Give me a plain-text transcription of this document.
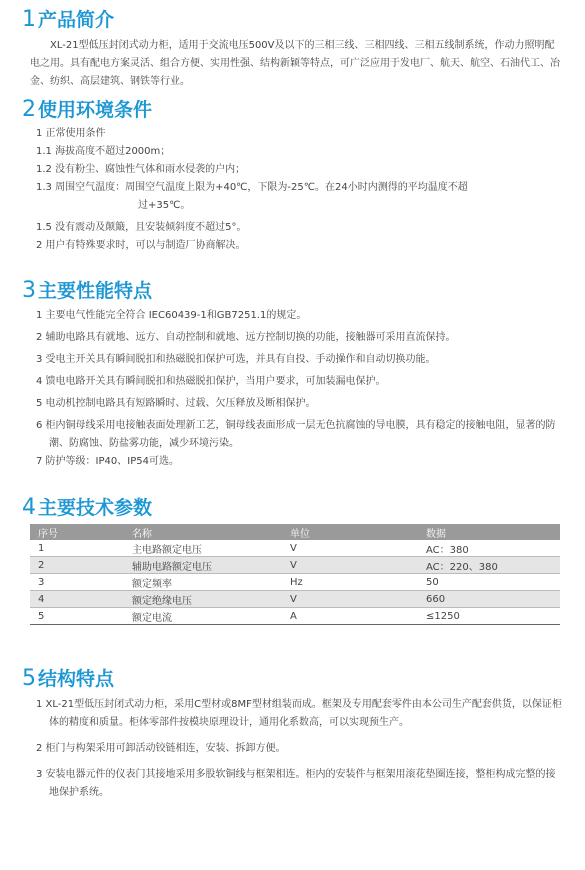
1 产品简介

XL-21型低压封闭式动力柜，适用于交流电压500V及以下的三相三线、三相四线、三相五线制系统，作动力照明配电之用。具有配电方案灵活、组合方便、实用性强、结构新颖等特点，可广泛应用于发电厂、航天、航空、石油代工、冶金、纺织、高层建筑、钢铁等行业。

2 使用环境条件
1 正常使用条件
1.1 海拔高度不超过2000m；
1.2 没有粉尘、腐蚀性气体和雨水侵袭的户内；
1.3 周围空气温度：周围空气温度上限为+40℃，下限为-25℃。在24小时内测得的平均温度不超
过+35℃。
1.5 没有震动及颠簸，且安装倾斜度不超过5°。
2 用户有特殊要求时，可以与制造厂协商解决。
3 主要性能特点
1 主要电气性能完全符合 IEC60439-1和GB7251.1的规定。
2 辅助电路具有就地、远方、自动控制和就地、远方控制切换的功能，接触器可采用直流保持。
3 受电主开关具有瞬间脱扣和热磁脱扣保护可选，并具有自投、手动操作和自动切换功能。
4 馈电电路开关具有瞬间脱扣和热磁脱扣保护，当用户要求，可加装漏电保护。
5 电动机控制电路具有短路瞬时、过载、欠压释放及断相保护。
6 柜内铜母线采用电接触表面处理新工艺，铜母线表面形成一层无色抗腐蚀的导电膜，具有稳定的接触电阻，显著的防潮、防腐蚀、防盐雾功能，减少环境污染。
7 防护等级：IP40、IP54可选。
4 主要技术参数
序号	名称	单位	数据
1	主电路额定电压	V	AC：380
2	辅助电路额定电压	V	AC：220、380
3	额定频率	Hz	50
4	额定绝缘电压	V	660
5	额定电流	A	≤1250
5 结构特点
1 XL-21型低压封闭式动力柜，采用C型材或8MF型材组装而成。框架及专用配套零件由本公司生产配套供货，以保证柜体的精度和质量。柜体零部件按模块原理设计，通用化系数高，可以实现预生产。
2 柜门与构架采用可卸活动铰链相连，安装、拆卸方便。
3 安装电器元件的仪表门其接地采用多股软铜线与框架相连。柜内的安装件与框架用滚花垫圈连接，整柜构成完整的接地保护系统。
